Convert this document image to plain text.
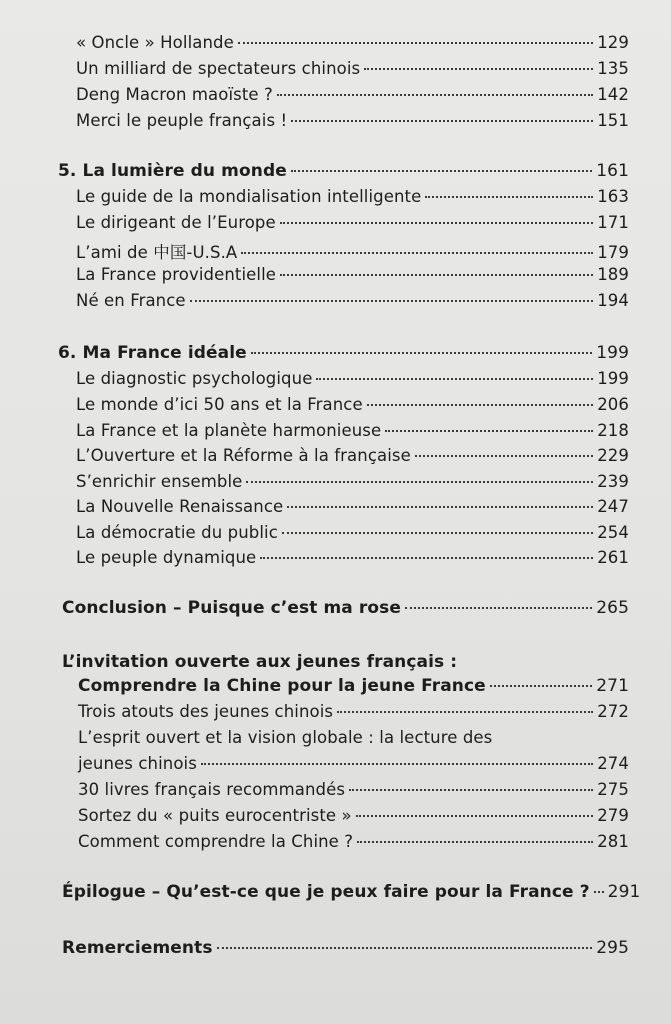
« Oncle » Hollande	129
Un milliard de spectateurs chinois	135
Deng Macron maoïste ?	142
Merci le peuple français !	151
5. La lumière du monde	161
Le guide de la mondialisation intelligente	163
Le dirigeant de l’Europe	171
L’ami de 中国-U.S.A	179
La France providentielle	189
Né en France	194
6. Ma France idéale	199
Le diagnostic psychologique	199
Le monde d’ici 50 ans et la France	206
La France et la planète harmonieuse	218
L’Ouverture et la Réforme à la française	229
S’enrichir ensemble	239
La Nouvelle Renaissance	247
La démocratie du public	254
Le peuple dynamique	261
Conclusion – Puisque c’est ma rose	265
L’invitation ouverte aux jeunes français :
Comprendre la Chine pour la jeune France	271
Trois atouts des jeunes chinois	272
L’esprit ouvert et la vision globale : la lecture des
jeunes chinois	274
30 livres français recommandés	275
Sortez du « puits eurocentriste »	279
Comment comprendre la Chine ?	281
Épilogue – Qu’est-ce que je peux faire pour la France ? 291
Remerciements	295
